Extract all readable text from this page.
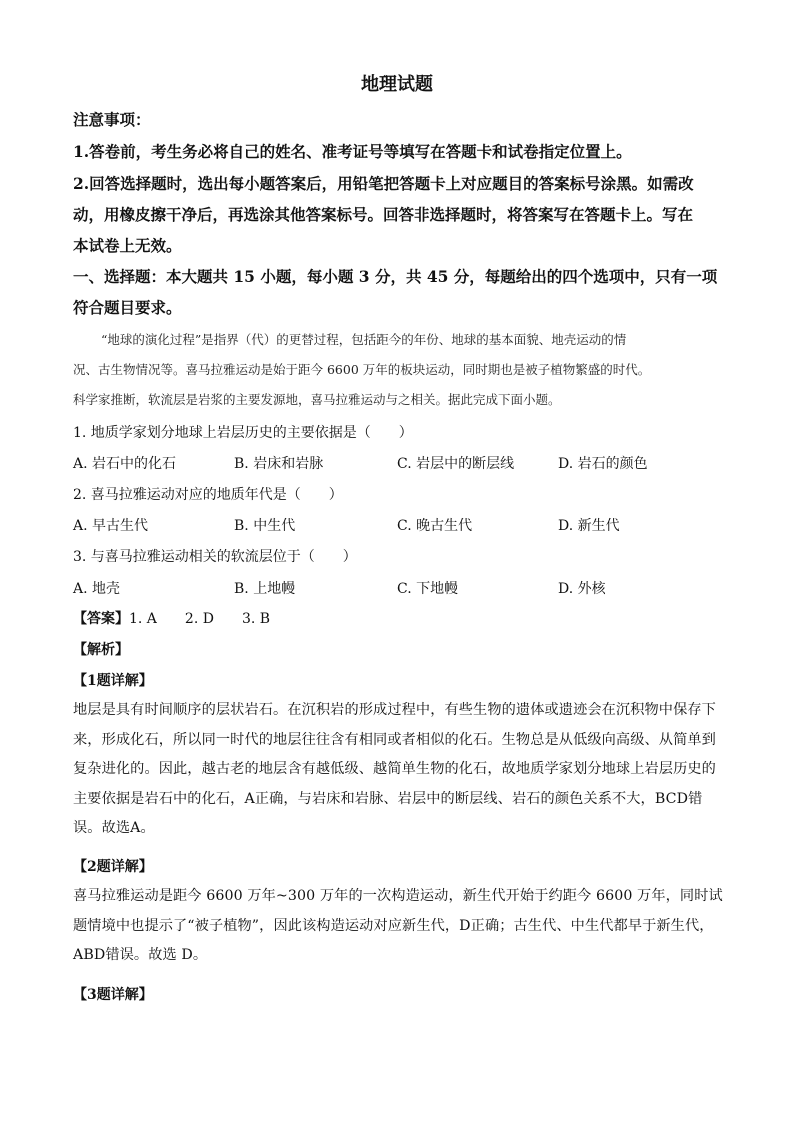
地理试题
注意事项：
1.答卷前，考生务必将自己的姓名、准考证号等填写在答题卡和试卷指定位置上。
2.回答选择题时，选出每小题答案后，用铅笔把答题卡上对应题目的答案标号涂黑。如需改
动，用橡皮擦干净后，再选涂其他答案标号。回答非选择题时，将答案写在答题卡上。写在
本试卷上无效。
一、选择题：本大题共 15 小题，每小题 3 分，共 45 分，每题给出的四个选项中，只有一项
符合题目要求。
“地球的演化过程”是指界（代）的更替过程，包括距今的年份、地球的基本面貌、地壳运动的情
况、古生物情况等。喜马拉雅运动是始于距今 6600 万年的板块运动，同时期也是被子植物繁盛的时代。
科学家推断，软流层是岩浆的主要发源地，喜马拉雅运动与之相关。据此完成下面小题。
1. 地质学家划分地球上岩层历史的主要依据是（　　）
A. 岩石中的化石	B. 岩床和岩脉	C. 岩层中的断层线	D. 岩石的颜色
2. 喜马拉雅运动对应的地质年代是（　　）
A. 早古生代	B. 中生代	C. 晚古生代	D. 新生代
3. 与喜马拉雅运动相关的软流层位于（　　）
A. 地壳	B. 上地幔	C. 下地幔	D. 外核
【答案】1. A　　2. D　　3. B
【解析】
【1题详解】
地层是具有时间顺序的层状岩石。在沉积岩的形成过程中，有些生物的遗体或遗迹会在沉积物中保存下来，形成化石，所以同一时代的地层往往含有相同或者相似的化石。生物总是从低级向高级、从简单到复杂进化的。因此，越古老的地层含有越低级、越简单生物的化石，故地质学家划分地球上岩层历史的主要依据是岩石中的化石，A正确，与岩床和岩脉、岩层中的断层线、岩石的颜色关系不大，BCD错误。故选A。
【2题详解】
喜马拉雅运动是距今 6600 万年~300 万年的一次构造运动，新生代开始于约距今 6600 万年，同时试题情境中也提示了“被子植物”，因此该构造运动对应新生代，D正确；古生代、中生代都早于新生代，ABD错误。故选 D。
【3题详解】
